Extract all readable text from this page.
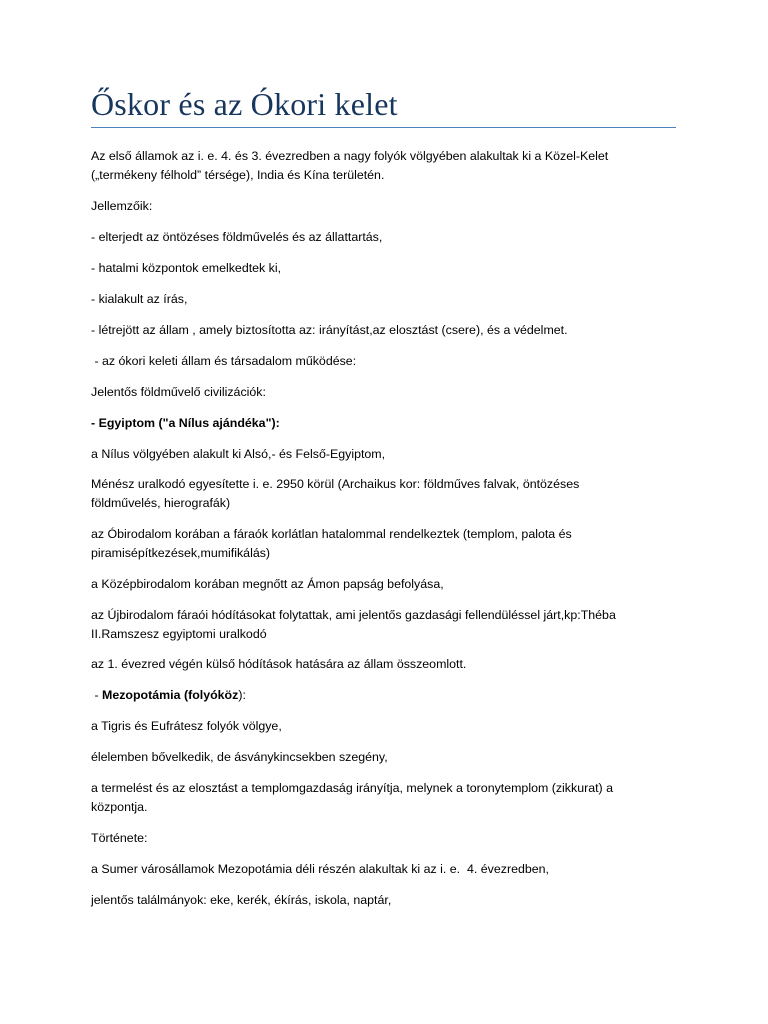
Őskor és az Ókori kelet

Az első államok az i. e. 4. és 3. évezredben a nagy folyók völgyében alakultak ki a Közel-Kelet
(„termékeny félhold” térsége), India és Kína területén.

Jellemzőik:

- elterjedt az öntözéses földművelés és az állattartás,

- hatalmi központok emelkedtek ki,

- kialakult az írás,

- létrejött az állam , amely biztosította az: irányítást,az elosztást (csere), és a védelmet.

- az ókori keleti állam és társadalom működése:

Jelentős földművelő civilizációk:

- Egyiptom ("a Nílus ajándéka"):

a Nílus völgyében alakult ki Alsó,- és Felső-Egyiptom,

Ménész uralkodó egyesítette i. e. 2950 körül (Archaikus kor: földműves falvak, öntözéses
földművelés, hierografák)

az Óbirodalom korában a fáraók korlátlan hatalommal rendelkeztek (templom, palota és
piramisépítkezések,mumifikálás)

a Középbirodalom korában megnőtt az Ámon papság befolyása,

az Újbirodalom fáraói hódításokat folytattak, ami jelentős gazdasági fellendüléssel járt,kp:Théba
II.Ramszesz egyiptomi uralkodó

az 1. évezred végén külső hódítások hatására az állam összeomlott.

- Mezopotámia (folyóköz):

a Tigris és Eufrátesz folyók völgye,

élelemben bővelkedik, de ásványkincsekben szegény,

a termelést és az elosztást a templomgazdaság irányítja, melynek a toronytemplom (zikkurat) a
központja.

Története:

a Sumer városállamok Mezopotámia déli részén alakultak ki az i. e.  4. évezredben,

jelentős találmányok: eke, kerék, ékírás, iskola, naptár,
